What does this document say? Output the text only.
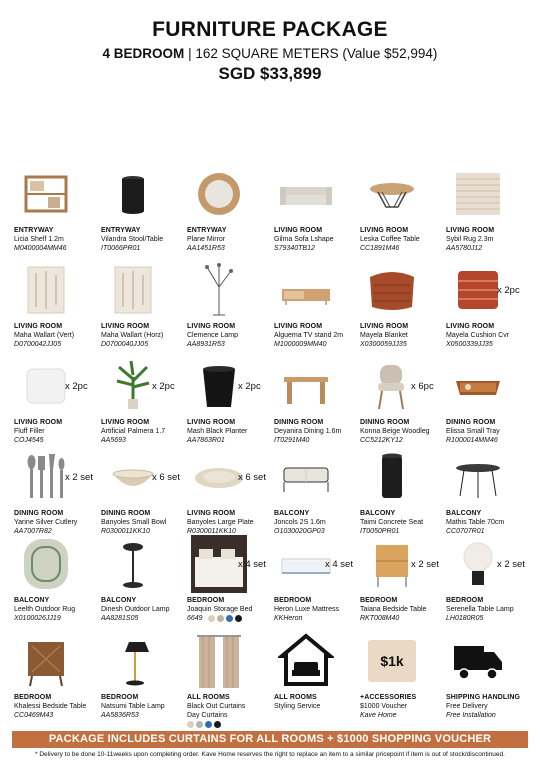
FURNITURE PACKAGE
4 BEDROOM | 162 SQUARE METERS (Value $52,994)
SGD $33,899
ENTRYWAY
Licia Shelf 1.2m
M0400004MM46
ENTRYWAY
Vilandra Stool/Table
IT0066PR01
ENTRYWAY
Plane Mirror
AA1451R53
LIVING ROOM
Gilma Sofa Lshape
S79340TB12
LIVING ROOM
Leska Coffee Table
CC1891M46
LIVING ROOM
Sybil Rug 2.3m
AA5780J12
LIVING ROOM
Maha Wallart (Vert)
D0700042JJ05
LIVING ROOM
Maha Wallart (Horz)
D0700040JJ05
LIVING ROOM
Clemence Lamp
AA8931R53
LIVING ROOM
Alguema TV stand 2m
M1000009MM40
LIVING ROOM
Mayela Blanket
X0300059JJ35
x 2pc
LIVING ROOM
Mayela Cushion Cvr
X0500339JJ35
x 2pc
LIVING ROOM
Fluff Filler
COJ4545
x 2pc
LIVING ROOM
Artificial Palmera 1.7
AA5693
x 2pc
LIVING ROOM
Mash Black Planter
AA7863R01
DINING ROOM
Deyanira Dining 1.6m
IT0291M40
x 6pc
DINING ROOM
Konna Beige Woodleg
CC5212KY12
DINING ROOM
Elissa Small Tray
R1000014MM46
x 2 set
DINING ROOM
Yarine Silver Cutlery
AA7007R82
x 6 set
DINING ROOM
Banyoles Small Bowl
R0300011KK10
x 6 set
LIVING ROOM
Banyoles Large Plate
R0300011KK10
BALCONY
Joncols 2S 1.6m
O1030020GP03
BALCONY
Taimi Concrete Seat
IT0050PR01
BALCONY
Mathis Table 70cm
CC0707R01
BALCONY
Leelth Outdoor Rug
X0100026JJ19
BALCONY
Dinesh Outdoor Lamp
AA8281S05
x 4 set
BEDROOM
Joaquin Storage Bed
6649
x 4 set
BEDROOM
Heron Luxe Mattress
KKHeron
x 2 set
BEDROOM
Taiana Bedside Table
RKT008M40
x 2 set
BEDROOM
Serenella Table Lamp
LH0180R05
BEDROOM
Khalessi Bedside Table
CC0469M43
BEDROOM
Natsumi Table Lamp
AA5836R53
ALL ROOMS
Black Out Curtains
Day Curtains
ALL ROOMS
Styling Service
$1k
+ACCESSORIES
$1000 Voucher
Kave Home
SHIPPING HANDLING
Free Delivery
Free Installation
PACKAGE INCLUDES CURTAINS FOR ALL ROOMS + $1000 SHOPPING VOUCHER
* Delivery to be done 10-11weeks upon completing order. Kave Home reserves the right to replace an item to a similar pricepoint if item is out of stock/discontinued.
